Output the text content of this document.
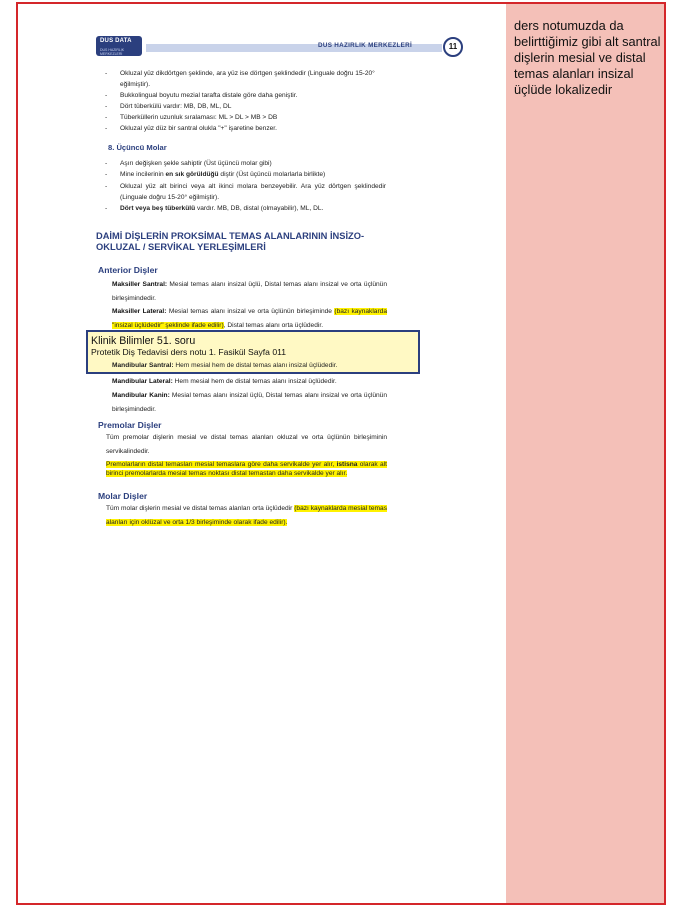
ders notumuzda da belirttiğimiz gibi alt santral dişlerin mesial ve distal temas alanları insizal üçlüde lokalizedir
DUS DATA
DUS HAZIRLIK MERKEZLERİ
DUS HAZIRLIK MERKEZLERİ	11
- Okluzal yüz dikdörtgen şeklinde, ara yüz ise dörtgen şeklindedir (Linguale doğru 15-20° eğilmiştir).
- Bukkolingual boyutu mezial tarafta distale göre daha geniştir.
- Dört tüberkülü vardır: MB, DB, ML, DL
- Tüberküllerin uzunluk sıralaması: ML > DL > MB > DB
- Okluzal yüz düz bir santral olukla "+" işaretine benzer.
8. Üçüncü Molar
- Aşırı değişken şekle sahiptir (Üst üçüncü molar gibi)
- Mine incilerinin en sık görüldüğü diştir (Üst üçüncü molarlarla birlikte)
- Okluzal yüz alt birinci veya alt ikinci molara benzeyebilir. Ara yüz dörtgen şeklindedir (Linguale doğru 15-20° eğilmiştir).
- Dört veya beş tüberkülü vardır. MB, DB, distal (olmayabilir), ML, DL.
DAİMİ DİŞLERİN PROKSİMAL TEMAS ALANLARININ İNSİZO-OKLUZAL / SERVİKAL YERLEŞİMLERİ
Anterior Dişler
Maksiller Santral: Mesial temas alanı insizal üçlü, Distal temas alanı insizal ve orta üçlünün birleşimindedir.
Maksiller Lateral: Mesial temas alanı insizal ve orta üçlünün birleşiminde (bazı kaynaklarda "insizal üçlüdedir" şeklinde ifade edilir), Distal temas alanı orta üçlüdedir.
Klinik Bilimler 51. soru
Protetik Diş Tedavisi ders notu 1. Fasikül Sayfa 011
Mandibular Santral: Hem mesial hem de distal temas alanı insizal üçlüdedir.
Mandibular Lateral: Hem mesial hem de distal temas alanı insizal üçlüdedir.
Mandibular Kanin: Mesial temas alanı insizal üçlü, Distal temas alanı insizal ve orta üçlünün birleşimindedir.
Premolar Dişler
Tüm premolar dişlerin mesial ve distal temas alanları okluzal ve orta üçlünün birleşiminin servikalindedir.
Premolarların distal temasları mesial temaslara göre daha servikalde yer alır, istisna olarak alt birinci premolarlarda mesial temas noktası distal temastan daha servikalde yer alır.
Molar Dişler
Tüm molar dişlerin mesial ve distal temas alanları orta üçlüdedir (bazı kaynaklarda mesial temas alanları için oklüzal ve orta 1/3 birleşiminde olarak ifade edilir).
